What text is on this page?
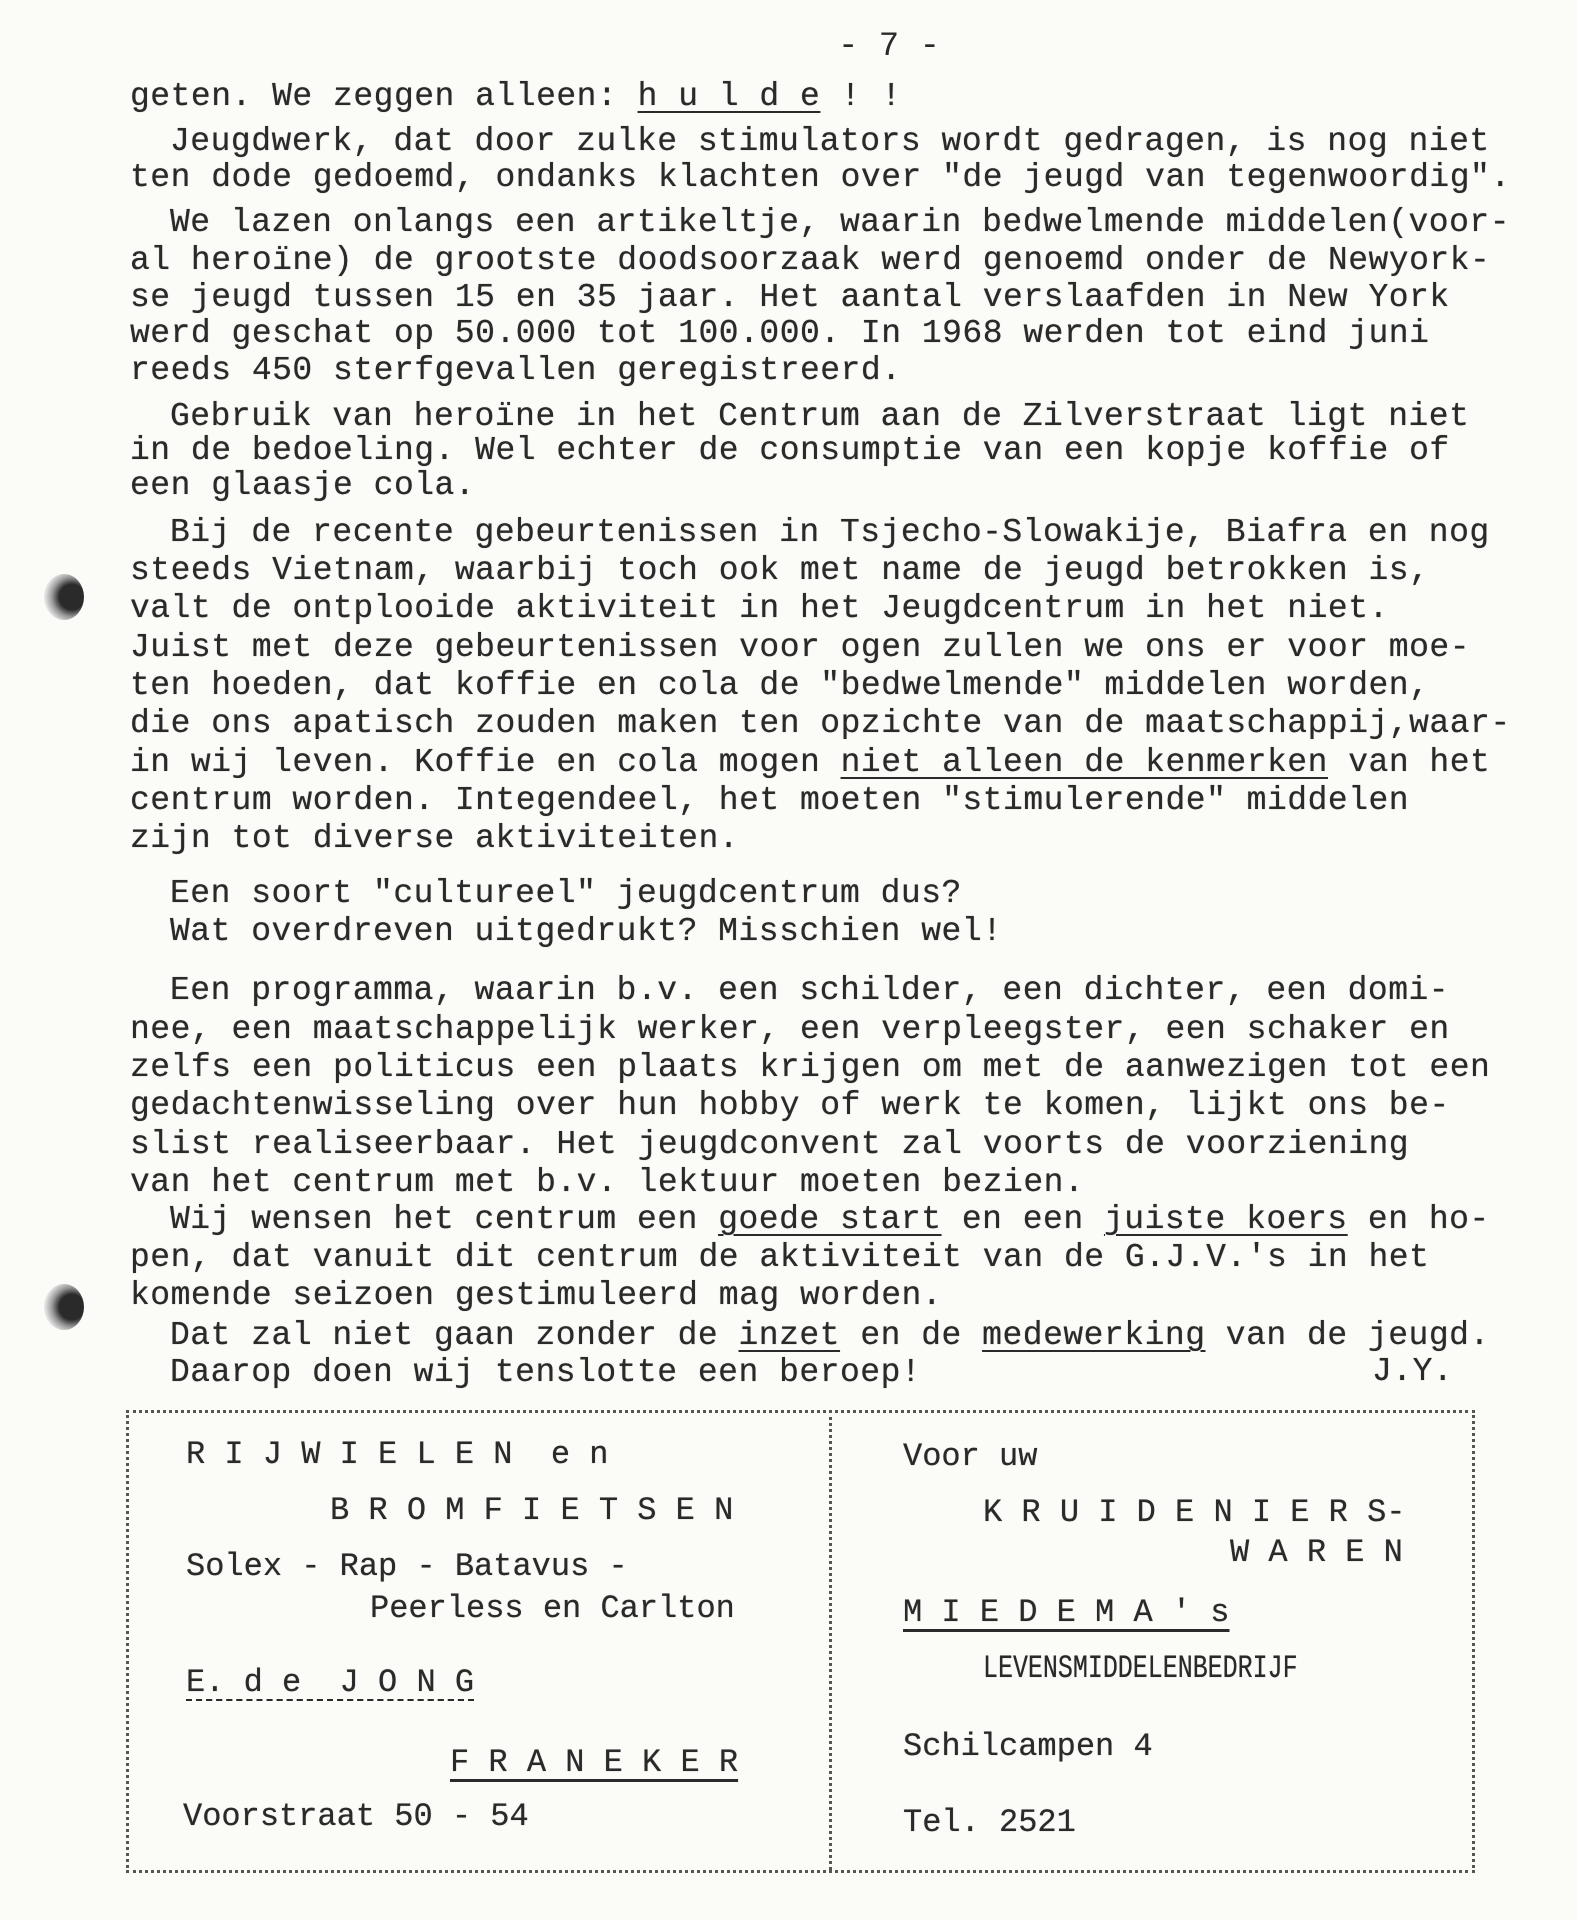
- 7 -
geten. We zeggen alleen: h u l d e ! !
Jeugdwerk, dat door zulke stimulators wordt gedragen, is nog niet
ten dode gedoemd, ondanks klachten over "de jeugd van tegenwoordig".
We lazen onlangs een artikeltje, waarin bedwelmende middelen(voor-
al heroïne) de grootste doodsoorzaak werd genoemd onder de Newyork-
se jeugd tussen 15 en 35 jaar. Het aantal verslaafden in New York
werd geschat op 50.000 tot 100.000. In 1968 werden tot eind juni
reeds 450 sterfgevallen geregistreerd.
Gebruik van heroïne in het Centrum aan de Zilverstraat ligt niet
in de bedoeling. Wel echter de consumptie van een kopje koffie of
een glaasje cola.
Bij de recente gebeurtenissen in Tsjecho-Slowakije, Biafra en nog
steeds Vietnam, waarbij toch ook met name de jeugd betrokken is,
valt de ontplooide aktiviteit in het Jeugdcentrum in het niet.
Juist met deze gebeurtenissen voor ogen zullen we ons er voor moe-
ten hoeden, dat koffie en cola de "bedwelmende" middelen worden,
die ons apatisch zouden maken ten opzichte van de maatschappij,waar-
in wij leven. Koffie en cola mogen niet alleen de kenmerken van het
centrum worden. Integendeel, het moeten "stimulerende" middelen
zijn tot diverse aktiviteiten.
Een soort "cultureel" jeugdcentrum dus?
Wat overdreven uitgedrukt? Misschien wel!
Een programma, waarin b.v. een schilder, een dichter, een domi-
nee, een maatschappelijk werker, een verpleegster, een schaker en
zelfs een politicus een plaats krijgen om met de aanwezigen tot een
gedachtenwisseling over hun hobby of werk te komen, lijkt ons be-
slist realiseerbaar. Het jeugdconvent zal voorts de voorziening
van het centrum met b.v. lektuur moeten bezien.
Wij wensen het centrum een goede start en een juiste koers en ho-
pen, dat vanuit dit centrum de aktiviteit van de G.J.V.'s in het
komende seizoen gestimuleerd mag worden.
Dat zal niet gaan zonder de inzet en de medewerking van de jeugd.
Daarop doen wij tenslotte een beroep!	J.Y.
R I J W I E L E N  e n
B R O M F I E T S E N
Solex - Rap - Batavus -
Peerless en Carlton
E. d e  J O N G
F R A N E K E R
Voorstraat 50 - 54
Voor uw
K R U I D E N I E R S-
W A R E N
M I E D E M A ' s
LEVENSMIDDELENBEDRIJF
Schilcampen 4
Tel. 2521
